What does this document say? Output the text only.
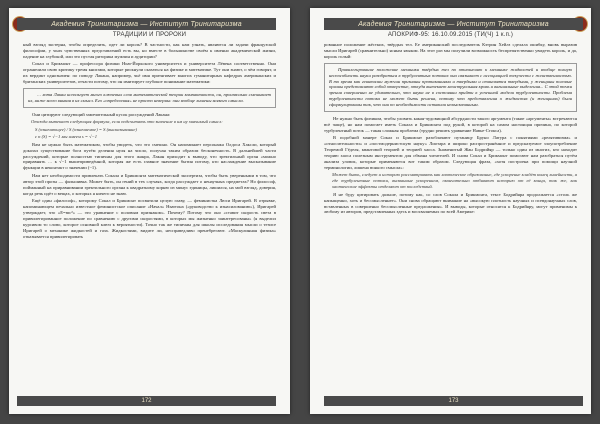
Академия Тринитаризма — Институт Тринитаризма
ТРАДИЦИИ И ПРОРОКИ

ный взгляд экстерна, чтобы определить, одет ли король? В частности, как нам узнать, являются ли задачи французской философии, у чьих чувственных представлений есть вы, но вместе в большинстве своём к именно академической жизни, падение на глубокой, или это пустая риторика мужчин и аудитории?

Сокал и Брикмонт — профессора физики Нью-Йоркского университета и университета Лёвена соответственно. Они ограничили свою критику тремя книгами, которые рискнули сказаться на физике и математике. Тут они знают, о чём говорят, и их вердикт однозначен: по поводу Лакана, например, чьё имя притягивает многих гуманитарных кафедрах американских и британских университетов, отчасти потому, что он имитирует глубокое понимание математики:

… хотя Лакан использует много ключевых слов математической теории компактности, он, произвольно смешивает их, ниже всего вникая в их смысл. Его «определения» не просто неверны: они вообще лишены всякого смысла.

Они цитируют следующий замечательный кусок рассуждений Лакана:

Отсюда вытекает следующая формула, если подсчитать это значение в им ну значимый смысл:

S (означающее) / S (означаемое) = S (высказывание)

с n (S) = √−1 мы имеем s = √−1

Вам не нужно быть математиком, чтобы увидеть, что это смешно. Он напоминает персонажа Олдоса Хаксли, который доказал существование бога путём деления нуля на число, получая таким образом бесконечность. В дальнейшей части рассуждений, которые полностью типичны для этого жанра, Лакан приходит к выводу, что эректильный орган «можно приравнять … к √−1 вышеприведённой, которая же есть главное значение бытия потому, кто наслаждение высказывание функции в неконтакт о значении (−1).

Нам нет необходимости привлекать Сокала и Брикмонта математической экспертиза, чтобы быть уверенными в том, что автор этой прозы — фальшивка. Может быть, он гений в тех случаях, когда рассуждает о ненаучных предметах? Но философ, пойманный на приравнивании эректильного органа к квадратному корню из минус единицы, лишился, на мой взгляд, доверия, когда речь идёт о вещах, о которых я ничего не знаю.

Ещё один «философ», которому Сокал и Брикмонт посвятили целую главу, — феминистка Люси Иригарей. В отрывке, напоминающем печально известное феминистское описание «Начал» Ньютона («руководство к изнасилованию»), Иригарей утверждает, что «E=mc²» — это уравнение с половым признаком». Почему? Потому что оно «ставит скорость света в привилегированное положение по сравнению с другими скоростями, в которых мы жизненно заинтересованы» (я выделил курсивом то слово, которое основной ключ к вероятности). Точно так же типичны для школы исследования мысли о тезисе Иригарей о механике жидкостей и газа. Жидкостями, видите ли, несправедливо пренебрегают. «Маскулинная физика» отказывается привилегировать

172
Академия Тринитаризма — Институт Тринитаризма
АПОКРИФ-95: 16.10.09.2015 (ТИ(Ч) 1 к.п.)

рованное положение жёстких, твёрдых тел. Ее американский последователь Кэтрин Хейлз сделала ошибку, вновь выразив мысли Иригарей (сравнительно) ясным языком. На этот раз мы получили возможность беспрепятственно увидеть король, и да, король голый:

Привилегирование положение механики твёрдых тел по отношению к механике жидкостей и вообще полную неспособность науки разобраться в турбулентных потоках она связывает с ассоциацией текучести с женственностью. В то время как гениталии мужчин признаны протаканиями и твердыми и становятся твердыми, у женщины половые органы представляют собой отверстие, откуда вытекает менструальная кровь и вагинальные выделения... С этой точки зрения совершенно не удивительно, что наука не в состоянии прийти к успешной модели турбулентности. Проблема турбулентности потока не может быть решена, потому что представления о жидкостях (и женщинах) были сформулированы так, что они по необходимости оставили невысказанным.

Не нужно быть физиком, чтобы уловить какая-чудовищной абсурдности такого аргумента (такие «аргументы» встречаются всё чаще), но нам помогает иметь Сокала и Брикмонта под рукой, в которой на самом настоящая причина, по которой турбулентный поток — такая сложная проблема (трудно решить уравнение Навье-Стокса).

В подобной манере Сокал и Брикмонт разоблачают путаницу Бруно Латура с понятиями «релятивизма» и «относительности» и «постмодернистскую науку» Лиотара и широко распространённое и предсказуемое злоупотребление Теоремой Гёделя, квантовой теорией и теорией хаоса. Знаменитый Жан Бодрийяр — только один из многих, кто находит теорию хаоса полезным инструментом для обмана читателей. И снова Сокал и Брикмонт помогают нам разобраться путём анализа уловок, которые применяются вот таким образом. Следующая фраза, «хотя построена при помощи научной терминологии, лишена всякого смысла»:

Может быть, следует и историю рассматривать как хаотическое образование, где ускорение кладёт конец линейности, а где турбулентные потоки, вызванные ускорением, окончательно отбивают историю от её конца, так же, как хаотические эффекты отделяют от последствий.

Я не буду цитировать дальше, потому как, со слов Сокала и Брикмонта, текст Бодрийяра продолжается «столь же напыщенно, хоть и бессмысленнее». Они снова обращают внимание на «высокую плотность научных и псевдонаучных слов, вставленных в совершенно бессмысленные предложения». И выводы, которые относятся к Бодрийяру, могут применимы к любому из авторов, представленных здесь и восхваляемых по всей Америке:

173
